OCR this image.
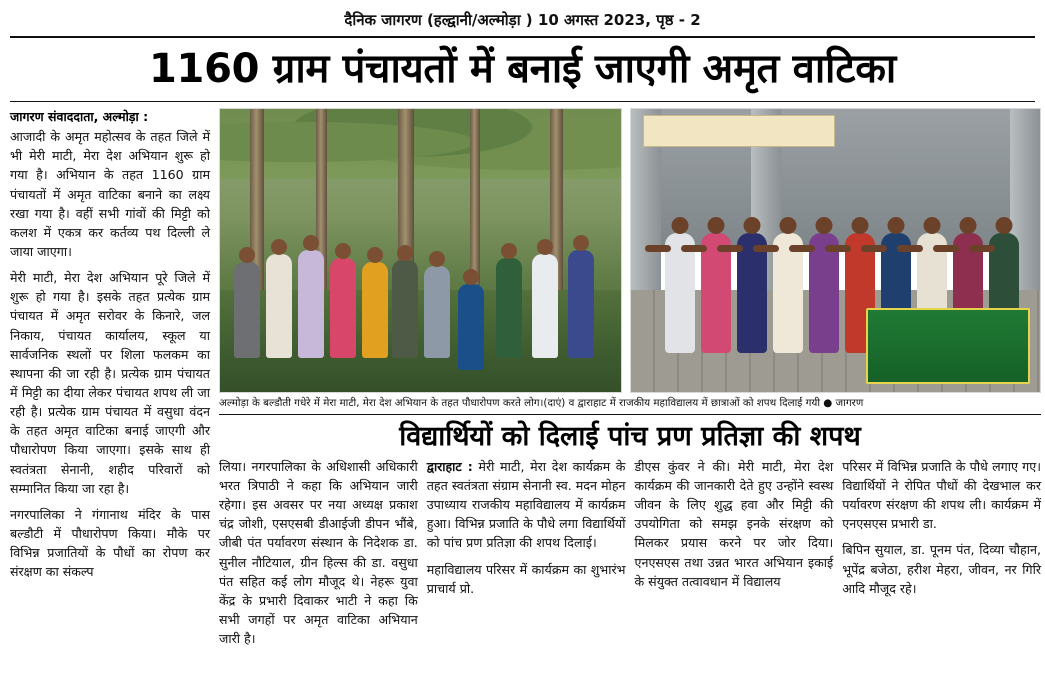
दैनिक जागरण (हल्द्वानी/अल्मोड़ा ) 10 अगस्त 2023, पृष्ठ - 2
1160 ग्राम पंचायतों में बनाई जाएगी अमृत वाटिका
जागरण संवाददाता, अल्मोड़ा :

आजादी के अमृत महोत्सव के तहत जिले में भी मेरी माटी, मेरा देश अभियान शुरू हो गया है। अभियान के तहत 1160 ग्राम पंचायतों में अमृत वाटिका बनाने का लक्ष्य रखा गया है। वहीं सभी गांवों की मिट्टी को कलश में एकत्र कर कर्तव्य पथ दिल्ली ले जाया जाएगा।

मेरी माटी, मेरा देश अभियान पूरे जिले में शुरू हो गया है। इसके तहत प्रत्येक ग्राम पंचायत में अमृत सरोवर के किनारे, जल निकाय, पंचायत कार्यालय, स्कूल या सार्वजनिक स्थलों पर शिला फलकम का स्थापना की जा रही है। प्रत्येक ग्राम पंचायत में मिट्टी का दीया लेकर पंचायत शपथ ली जा रही है। प्रत्येक ग्राम पंचायत में वसुधा वंदन के तहत अमृत वाटिका बनाई जाएगी और पौधारोपण किया जाएगा। इसके साथ ही स्वतंत्रता सेनानी, शहीद परिवारों को सम्मानित किया जा रहा है।

नगरपालिका ने गंगानाथ मंदिर के पास बल्डौटी में पौधारोपण किया। मौके पर विभिन्न प्रजातियों के पौधों का रोपण कर संरक्षण का संकल्प

अल्मोड़ा के बल्डौती गधेरे में मेरा माटी, मेरा देश अभियान के तहत पौधारोपण करते लोग।(दाएं) व द्वाराहाट में राजकीय महाविद्यालय में छात्राओं को शपथ दिलाई गयी ● जागरण
विद्यार्थियों को दिलाई पांच प्रण प्रतिज्ञा की शपथ

लिया। नगरपालिका के अधिशासी अधिकारी भरत त्रिपाठी ने कहा कि अभियान जारी रहेगा। इस अवसर पर नया अध्यक्ष प्रकाश चंद्र जोशी, एसएसबी डीआईजी डीपन भौंबे, जीबी पंत पर्यावरण संस्थान के निदेशक डा. सुनील नौटियाल, ग्रीन हिल्स की डा. वसुधा पंत सहित कई लोग मौजूद थे। नेहरू युवा केंद्र के प्रभारी दिवाकर भाटी ने कहा कि सभी जगहों पर अमृत वाटिका अभियान जारी है।

द्वाराहाट : मेरी माटी, मेरा देश कार्यक्रम के तहत स्वतंत्रता संग्राम सेनानी स्व. मदन मोहन उपाध्याय राजकीय महाविद्यालय में कार्यक्रम हुआ। विभिन्न प्रजाति के पौधे लगा विद्यार्थियों को पांच प्रण प्रतिज्ञा की शपथ दिलाई।

महाविद्यालय परिसर में कार्यक्रम का शुभारंभ प्राचार्य प्रो.

डीएस कुंवर ने की। मेरी माटी, मेरा देश कार्यक्रम की जानकारी देते हुए उन्होंने स्वस्थ जीवन के लिए शुद्ध हवा और मिट्टी की उपयोगिता को समझ इनके संरक्षण को मिलकर प्रयास करने पर जोर दिया। एनएसएस तथा उन्नत भारत अभियान इकाई के संयुक्त तत्वावधान में विद्यालय

परिसर में विभिन्न प्रजाति के पौधे लगाए गए। विद्यार्थियों ने रोपित पौधों की देखभाल कर पर्यावरण संरक्षण की शपथ ली। कार्यक्रम में एनएसएस प्रभारी डा.

बिपिन सुयाल, डा. पूनम पंत, दिव्या चौहान, भूपेंद्र बजेठा, हरीश मेहरा, जीवन, नर गिरि आदि मौजूद रहे।
